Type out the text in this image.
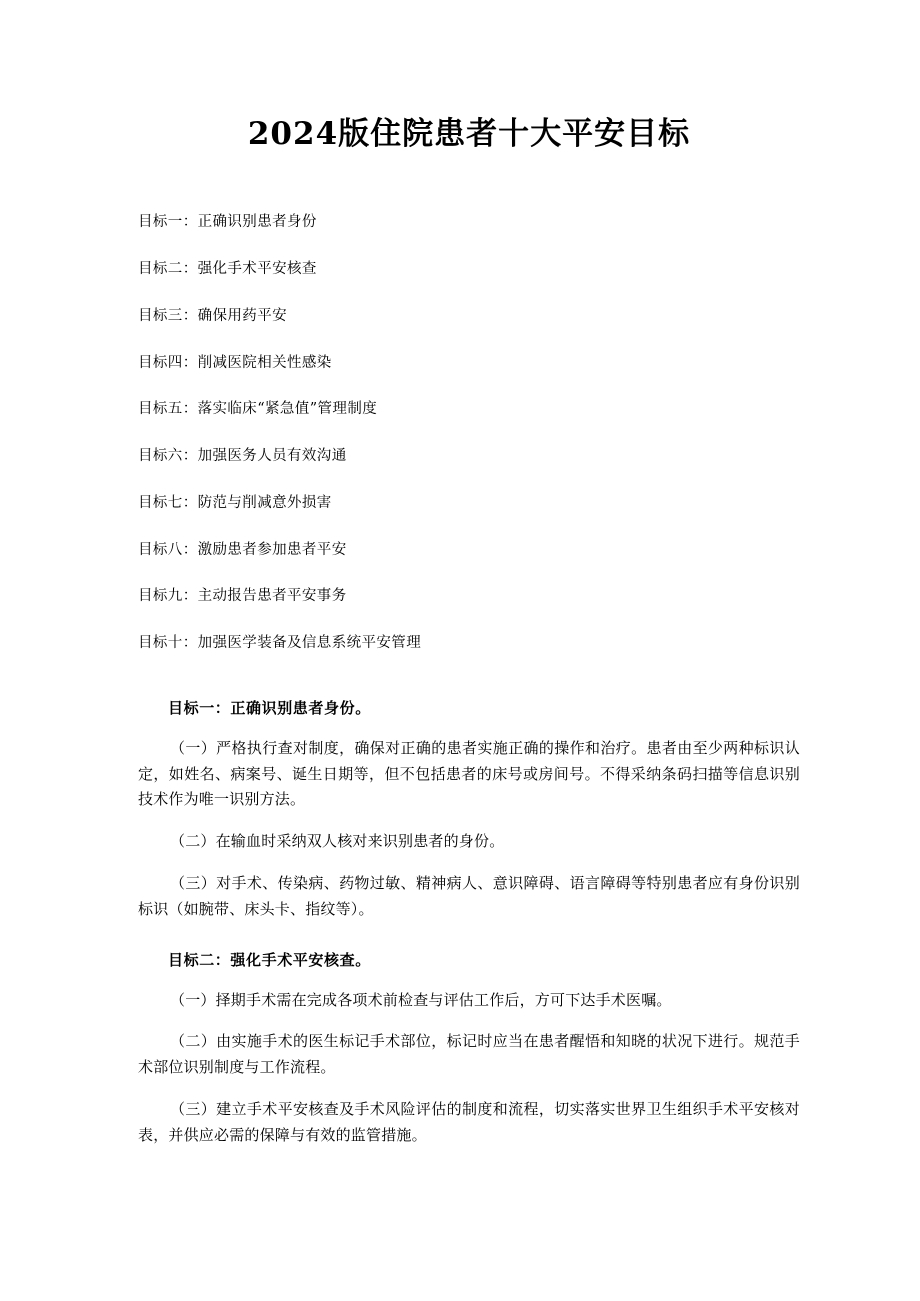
2024版住院患者十大平安目标

目标一：正确识别患者身份

目标二：强化手术平安核查

目标三：确保用药平安

目标四：削减医院相关性感染

目标五：落实临床“紧急值”管理制度

目标六：加强医务人员有效沟通

目标七：防范与削减意外损害

目标八：激励患者参加患者平安

目标九：主动报告患者平安事务

目标十：加强医学装备及信息系统平安管理

目标一：正确识别患者身份。

（一）严格执行查对制度，确保对正确的患者实施正确的操作和治疗。患者由至少两种标识认定，如姓名、病案号、诞生日期等，但不包括患者的床号或房间号。不得采纳条码扫描等信息识别技术作为唯一识别方法。

（二）在输血时采纳双人核对来识别患者的身份。

（三）对手术、传染病、药物过敏、精神病人、意识障碍、语言障碍等特别患者应有身份识别标识（如腕带、床头卡、指纹等）。

目标二：强化手术平安核查。

（一）择期手术需在完成各项术前检查与评估工作后，方可下达手术医嘱。

（二）由实施手术的医生标记手术部位，标记时应当在患者醒悟和知晓的状况下进行。规范手术部位识别制度与工作流程。

（三）建立手术平安核查及手术风险评估的制度和流程，切实落实世界卫生组织手术平安核对表，并供应必需的保障与有效的监管措施。
